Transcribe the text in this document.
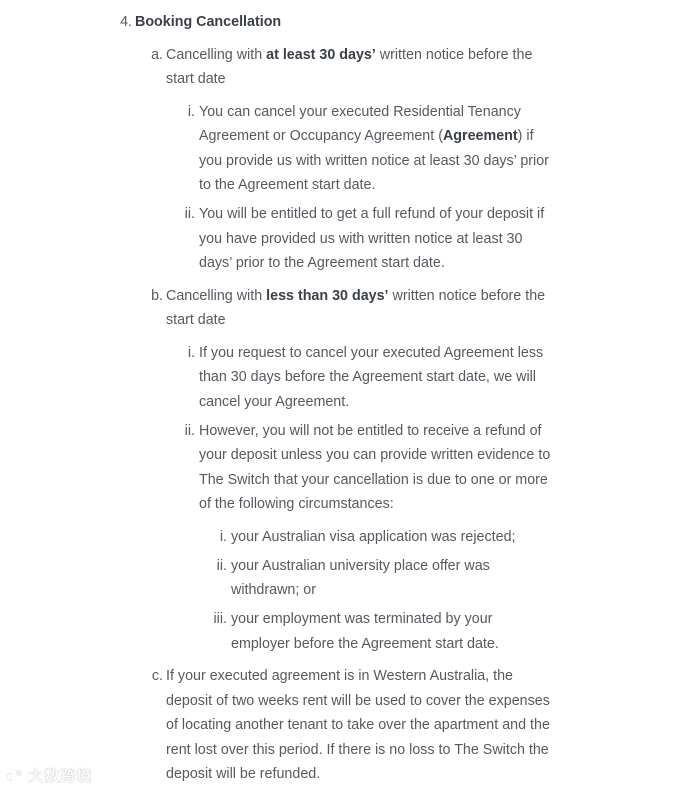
4. Booking Cancellation
a. Cancelling with at least 30 days’ written notice before the start date
i. You can cancel your executed Residential Tenancy Agreement or Occupancy Agreement (Agreement) if you provide us with written notice at least 30 days’ prior to the Agreement start date.
ii. You will be entitled to get a full refund of your deposit if you have provided us with written notice at least 30 days’ prior to the Agreement start date.
b. Cancelling with less than 30 days’ written notice before the start date
i. If you request to cancel your executed Agreement less than 30 days before the Agreement start date, we will cancel your Agreement.
ii. However, you will not be entitled to receive a refund of your deposit unless you can provide written evidence to The Switch that your cancellation is due to one or more of the following circumstances:
i. your Australian visa application was rejected;
ii. your Australian university place offer was withdrawn; or
iii. your employment was terminated by your employer before the Agreement start date.
c. If your executed agreement is in Western Australia, the deposit of two weeks rent will be used to cover the expenses of locating another tenant to take over the apartment and the rent lost over this period. If there is no loss to The Switch the deposit will be refunded.
◐° 大数跨境
